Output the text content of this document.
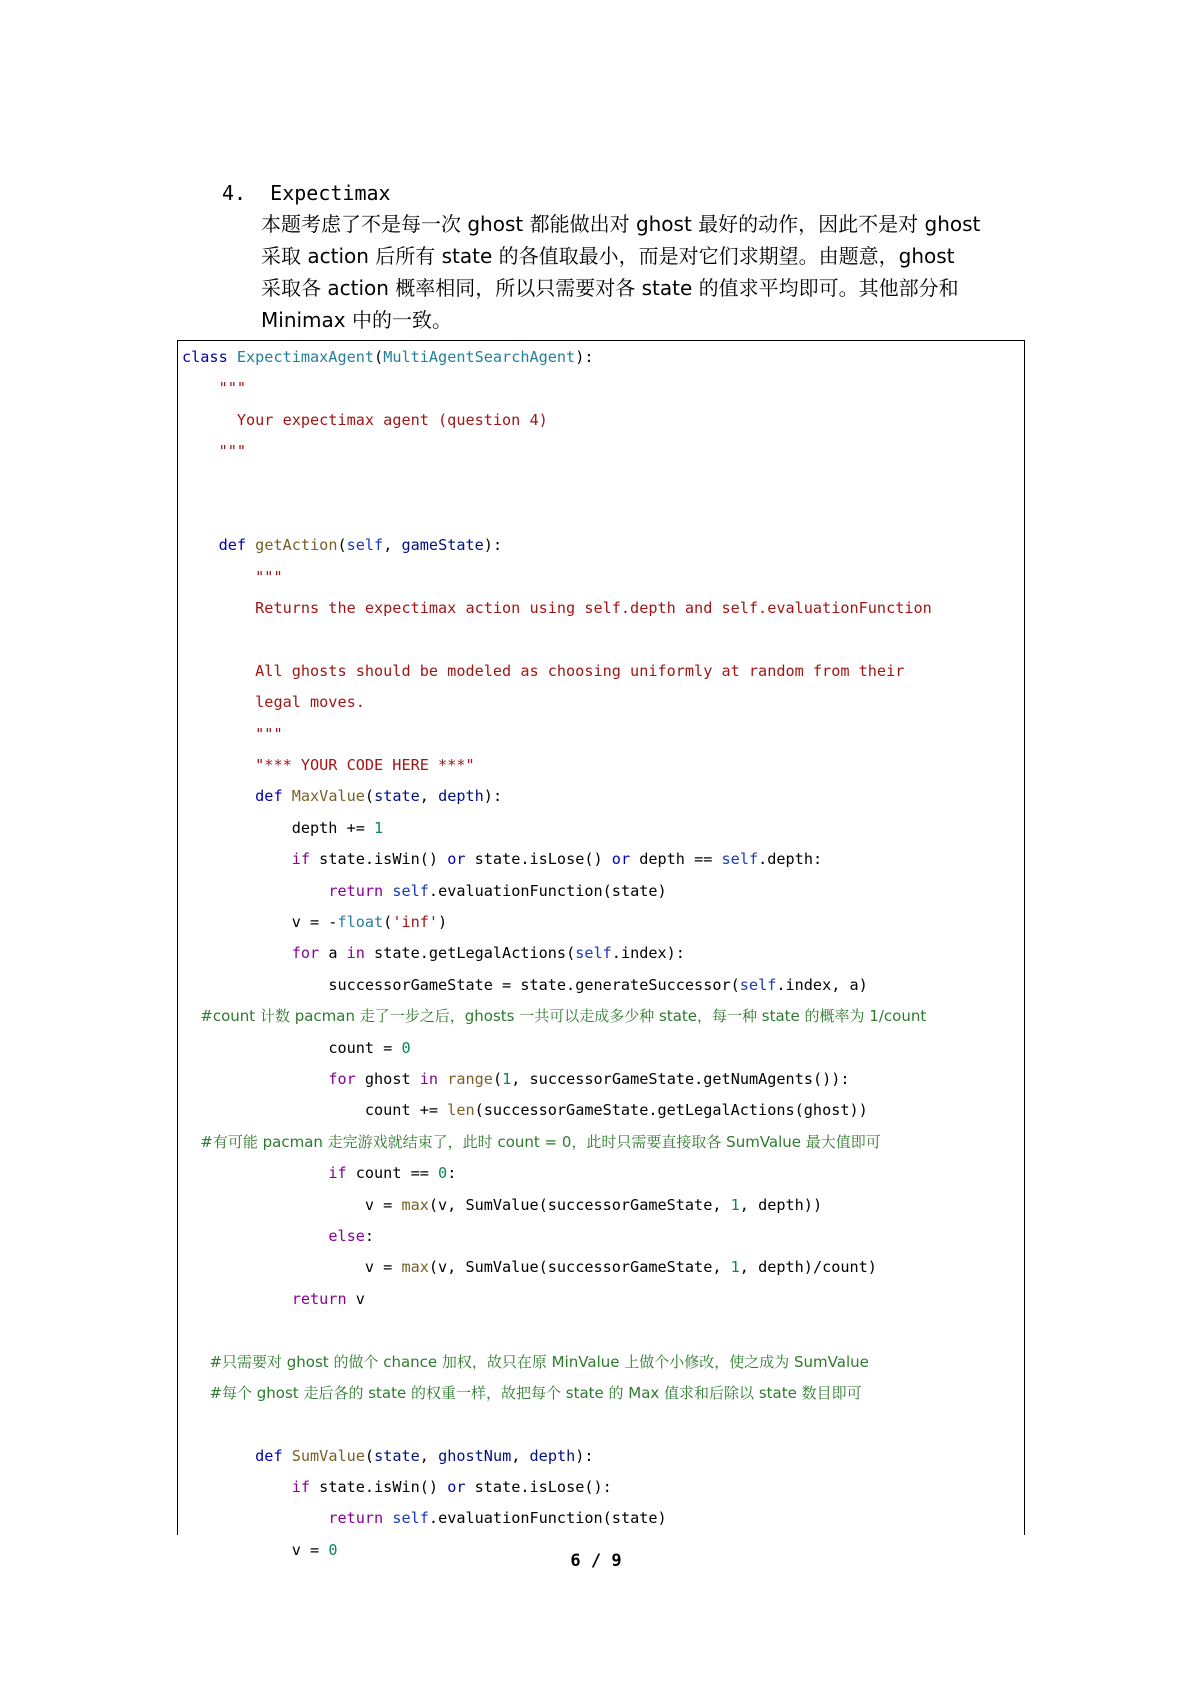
4.  Expectimax
本题考虑了不是每一次 ghost 都能做出对 ghost 最好的动作，因此不是对 ghost
采取 action 后所有 state 的各值取最小，而是对它们求期望。由题意，ghost
采取各 action 概率相同，所以只需要对各 state 的值求平均即可。其他部分和
Minimax 中的一致。
class ExpectimaxAgent(MultiAgentSearchAgent):
"""
Your expectimax agent (question 4)
"""

def getAction(self, gameState):
"""
Returns the expectimax action using self.depth and self.evaluationFunction

All ghosts should be modeled as choosing uniformly at random from their
legal moves.
"""
"*** YOUR CODE HERE ***"
def MaxValue(state, depth):
depth += 1
if state.isWin() or state.isLose() or depth == self.depth:
return self.evaluationFunction(state)
v = -float('inf')
for a in state.getLegalActions(self.index):
successorGameState = state.generateSuccessor(self.index, a)
#count 计数 pacman 走了一步之后，ghosts 一共可以走成多少种 state，每一种 state 的概率为 1/count
count = 0
for ghost in range(1, successorGameState.getNumAgents()):
count += len(successorGameState.getLegalActions(ghost))
#有可能 pacman 走完游戏就结束了，此时 count = 0，此时只需要直接取各 SumValue 最大值即可
if count == 0:
v = max(v, SumValue(successorGameState, 1, depth))
else:
v = max(v, SumValue(successorGameState, 1, depth)/count)
return v

#只需要对 ghost 的做个 chance 加权，故只在原 MinValue 上做个小修改，使之成为 SumValue
#每个 ghost 走后各的 state 的权重一样，故把每个 state 的 Max 值求和后除以 state 数目即可

def SumValue(state, ghostNum, depth):
if state.isWin() or state.isLose():
return self.evaluationFunction(state)
v = 0
6 / 9
